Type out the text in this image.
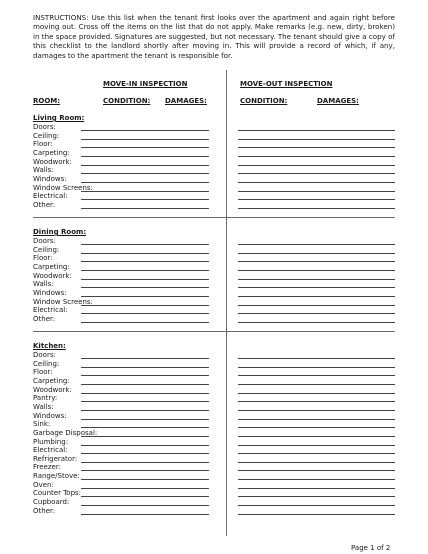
INSTRUCTIONS: Use this list when the tenant first looks over the apartment and again right before moving out. Cross off the items on the list that do not apply. Make remarks (e.g. new, dirty, broken) in the space provided. Signatures are suggested, but not necessary. The tenant should give a copy of this checklist to the landlord shortly after moving in. This will provide a record of which, if any, damages to the apartment the tenant is responsible for.

MOVE-IN INSPECTION	MOVE-OUT INSPECTION
ROOM:	CONDITION: DAMAGES:	CONDITION:	DAMAGES:
Living Room:
Doors:
Ceiling:
Floor:
Carpeting:
Woodwork:
Walls:
Windows:
Window Screens:
Electrical:
Other:
Dining Room:
Doors:
Ceiling:
Floor:
Carpeting:
Woodwork:
Walls:
Windows:
Window Screens:
Electrical:
Other:
Kitchen:
Doors:
Ceiling:
Floor:
Carpeting:
Woodwork:
Pantry:
Walls:
Windows:
Sink:
Garbage Disposal:
Plumbing:
Electrical:
Refrigerator:
Freezer:
Range/Stove:
Oven:
Counter Tops:
Cupboard:
Other:
Page 1 of 2
